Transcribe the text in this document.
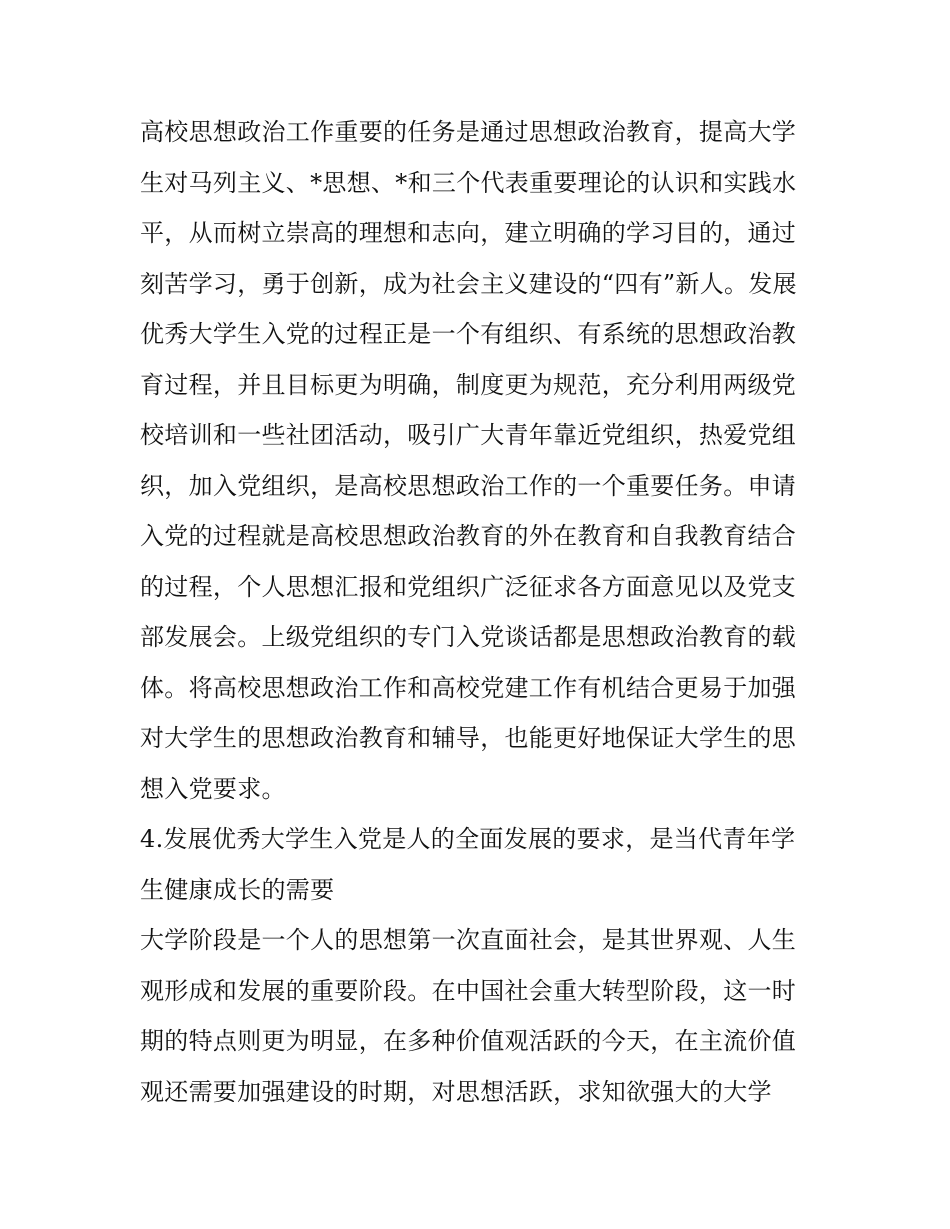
高校思想政治工作重要的任务是通过思想政治教育，提高大学
生对马列主义、*思想、*和三个代表重要理论的认识和实践水
平，从而树立崇高的理想和志向，建立明确的学习目的，通过
刻苦学习，勇于创新，成为社会主义建设的“四有”新人。发展
优秀大学生入党的过程正是一个有组织、有系统的思想政治教
育过程，并且目标更为明确，制度更为规范，充分利用两级党
校培训和一些社团活动，吸引广大青年靠近党组织，热爱党组
织，加入党组织，是高校思想政治工作的一个重要任务。申请
入党的过程就是高校思想政治教育的外在教育和自我教育结合
的过程，个人思想汇报和党组织广泛征求各方面意见以及党支
部发展会。上级党组织的专门入党谈话都是思想政治教育的载
体。将高校思想政治工作和高校党建工作有机结合更易于加强
对大学生的思想政治教育和辅导，也能更好地保证大学生的思
想入党要求。
4.发展优秀大学生入党是人的全面发展的要求，是当代青年学
生健康成长的需要
大学阶段是一个人的思想第一次直面社会，是其世界观、人生
观形成和发展的重要阶段。在中国社会重大转型阶段，这一时
期的特点则更为明显，在多种价值观活跃的今天，在主流价值
观还需要加强建设的时期，对思想活跃，求知欲强大的大学
